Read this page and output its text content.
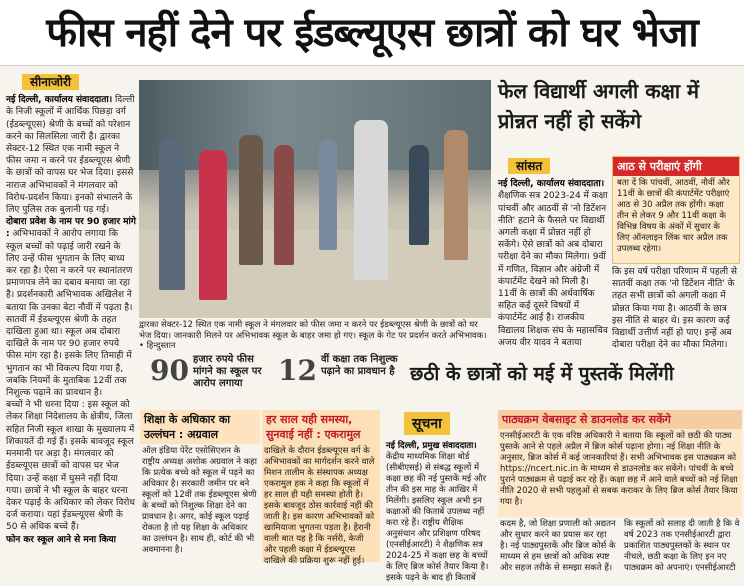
फीस नहीं देने पर ईडब्ल्यूएस छात्रों को घर भेजा
सीनाजोरी

नई दिल्ली, कार्यालय संवाददाता। दिल्ली के निजी स्कूलों में आर्थिक पिछड़ा वर्ग (ईडब्ल्यूएस) श्रेणी के बच्चों को परेशान करने का सिलसिला जारी है। द्वारका सेक्टर-12 स्थित एक नामी स्कूल ने फीस जमा न करने पर ईडब्ल्यूएस श्रेणी के छात्रों को वापस घर भेज दिया। इससे नाराज अभिभावकों ने मंगलवार को विरोध-प्रदर्शन किया। इनको संभालने के लिए पुलिस तक बुलानी पड़ गई।

दोबारा प्रवेश के नाम पर 90 हजार मांगे : अभिभावकों ने आरोप लगाया कि स्कूल बच्चों को पढ़ाई जारी रखने के लिए उन्हें फीस भुगतान के लिए बाध्य कर रहा है। ऐसा न करने पर स्थानांतरण प्रमाणपत्र लेने का दबाव बनाया जा रहा है। प्रदर्शनकारी अभिभावक अखिलेश ने बताया कि उनका बेटा नौवीं में पढ़ता है। सातवीं में ईडब्ल्यूएस श्रेणी के तहत दाखिला हुआ था। स्कूल अब दोबारा दाखिले के नाम पर 90 हजार रुपये फीस मांग रहा है। इसके लिए तिमाही में भुगतान का भी विकल्प दिया गया है, जबकि नियमों के मुताबिक 12वीं तक निशुल्क पढ़ाने का प्रावधान है।

बच्चों ने भी धरना दिया : इस स्कूल को लेकर शिक्षा निदेशालय के क्षेत्रीय, जिला सहित निजी स्कूल शाखा के मुख्यालय में शिकायतें दी गई हैं। इसके बावजूद स्कूल मनमानी पर अड़ा है। मंगलवार को ईडब्ल्यूएस छात्रों को वापस घर भेज दिया। उन्हें कक्षा में घुसने नहीं दिया गया। छात्रों ने भी स्कूल के बाहर धरना देकर पढ़ाई के अधिकार को लेकर विरोध दर्ज कराया। यहां ईडब्ल्यूएस श्रेणी के 50 से अधिक बच्चे हैं।

फोन कर स्कूल आने से मना किया

द्वारका सेक्टर-12 स्थित एक नामी स्कूल ने मंगलवार को फीस जमा न करने पर ईडब्ल्यूएस श्रेणी के छात्रों को घर भेज दिया। जानकारी मिलने पर अभिभावक स्कूल के बाहर जमा हो गए। स्कूल के गेट पर प्रदर्शन करते अभिभावक। • हिन्दुस्तान
फेल विद्यार्थी अगली कक्षा में प्रोन्नत नहीं हो सकेंगे
सांसत

नई दिल्ली, कार्यालय संवाददाता। शैक्षणिक सत्र 2023-24 में कक्षा पांचवीं और आठवीं से 'नो डिटेंशन नीति' हटाने के फैसले पर विद्यार्थी अगली कक्षा में प्रोन्नत नहीं हो सकेंगे। ऐसे छात्रों को अब दोबारा परीक्षा देने का मौका मिलेगा। 9वीं में गणित, विज्ञान और अंग्रेजी में कंपार्टमेंट देखने को मिली है। 11वीं के छात्रों की अर्धवार्षिक सहित कई दूसरे विषयों में कंपार्टमेंट आई है। राजकीय विद्यालय शिक्षक संघ के महासचिव अजय वीर यादव ने बताया

आठ से परीक्षाएं होंगी
बता दें कि पांचवीं, आठवीं, नौवीं और 11वीं के छात्रों की कंपार्टमेंट परीक्षाएं आठ से 30 अप्रैल तक होंगी। कक्षा तीन से लेकर 9 और 11वीं कक्षा के विभिन्न विषय के अंकों में सुधार के लिए ऑनलाइन लिंक चार अप्रैल तक उपलब्ध रहेगा।
कि इस वर्ष परीक्षा परिणाम में पहली से सातवीं कक्षा तक 'नो डिटेंशन नीति' के तहत सभी छात्रों को अगली कक्षा में प्रोन्नत किया गया है। आठवीं के छात्र इस नीति से बाहर थे। इस कारण कई विद्यार्थी उत्तीर्ण नहीं हो पाए। इन्हें अब दोबारा परीक्षा देने का मौका मिलेगा।
90 हजार रुपये फीस मांगने का स्कूल पर आरोप लगाया	12 वीं कक्षा तक निशुल्क पढ़ाने का प्रावधान है छठी के छात्रों को मई में पुस्तकें मिलेंगी
शिक्षा के अधिकार का उल्लंघन : अग्रवाल
ऑल इंडिया पेरेंट एसोसिएशन के राष्ट्रीय अध्यक्ष अशोक अग्रवाल ने कहा कि प्रत्येक बच्चे को स्कूल में पढ़ने का अधिकार है। सरकारी जमीन पर बने स्कूलों को 12वीं तक ईडब्ल्यूएस श्रेणी के बच्चों को निशुल्क शिक्षा देने का प्रावधान है। अगर, कोई स्कूल पढ़ाई रोकता है तो यह शिक्षा के अधिकार का उल्लंघन है। साथ ही, कोर्ट की भी अवमानना है।
हर साल यही समस्या, सुनवाई नहीं : एकरामुल
दाखिले के दौरान ईडब्ल्यूएस वर्ग के अभिभावकों का मार्गदर्शन करने वाले मिशन तालीम के संस्थापक अध्यक्ष एकरामुल हक ने कहा कि स्कूलों में हर साल ही यही समस्या होती है। इसके बावजूद ठोस कार्रवाई नहीं की जाती है। इस कारण अभिभावकों को खामियाजा भुगतना पड़ता है। हैरानी वाली बात यह है कि नर्सरी, केजी और पहली कक्षा में ईडब्ल्यूएस दाखिले की प्रक्रिया शुरू नहीं हुई।
सूचना
नई दिल्ली, प्रमुख संवाददाता। केंद्रीय माध्यमिक शिक्षा बोर्ड (सीबीएसई) से संबद्ध स्कूलों में कक्षा छह की नई पुस्तकें मई और तीन की इस माह के आखिर में मिलेंगी। इसलिए स्कूल अभी इन कक्षाओं की किताबें उपलब्ध नहीं करा रहे हैं। राष्ट्रीय शैक्षिक अनुसंधान और प्रशिक्षण परिषद (एनसीईआरटी) ने शैक्षणिक सत्र 2024-25 में कक्षा छह के बच्चों के लिए ब्रिज कोर्स तैयार किया है। इसके पढ़ने के बाद ही किताबें
पाठ्यक्रम वेबसाइट से डाउनलोड कर सकेंगे
एनसीईआरटी के एक वरिष्ठ अधिकारी ने बताया कि स्कूलों को छठी की पाठ्य पुस्तकें आने से पहले अप्रैल में ब्रिज कोर्स पढ़ाना होगा। नई शिक्षा नीति के अनुसार, ब्रिज कोर्स में कई जानकारियां हैं। सभी अभिभावक इस पाठ्यक्रम को https://ncert.nic.in के माध्यम से डाउनलोड कर सकेंगे। पांचवीं के बच्चे पुराने पाठ्यक्रम से पढ़ाई कर रहे हैं। कक्षा छह में आने वाले बच्चों को नई शिक्षा नीति 2020 से सभी पहलुओं से सबक कराकर के लिए ब्रिज कोर्स तैयार किया गया है।
कदम है, जो शिक्षा प्रणाली को अद्यतन और सुधार करने का प्रयास कर रहा है। नई पाठ्यपुस्तकें और ब्रिज कोर्स के माध्यम से हम छात्रों को अधिक स्पष्ट और सहज तरीके से समझा सकते हैं।
कि स्कूलों को सलाह दी जाती है कि वे वर्ष 2023 तक एनसीईआरटी द्वारा प्रकाशित पाठ्यपुस्तकों के स्थान पर नीचले, छठी कक्षा के लिए इन नए पाठ्यक्रम को अपनाएं। एनसीईआरटी
